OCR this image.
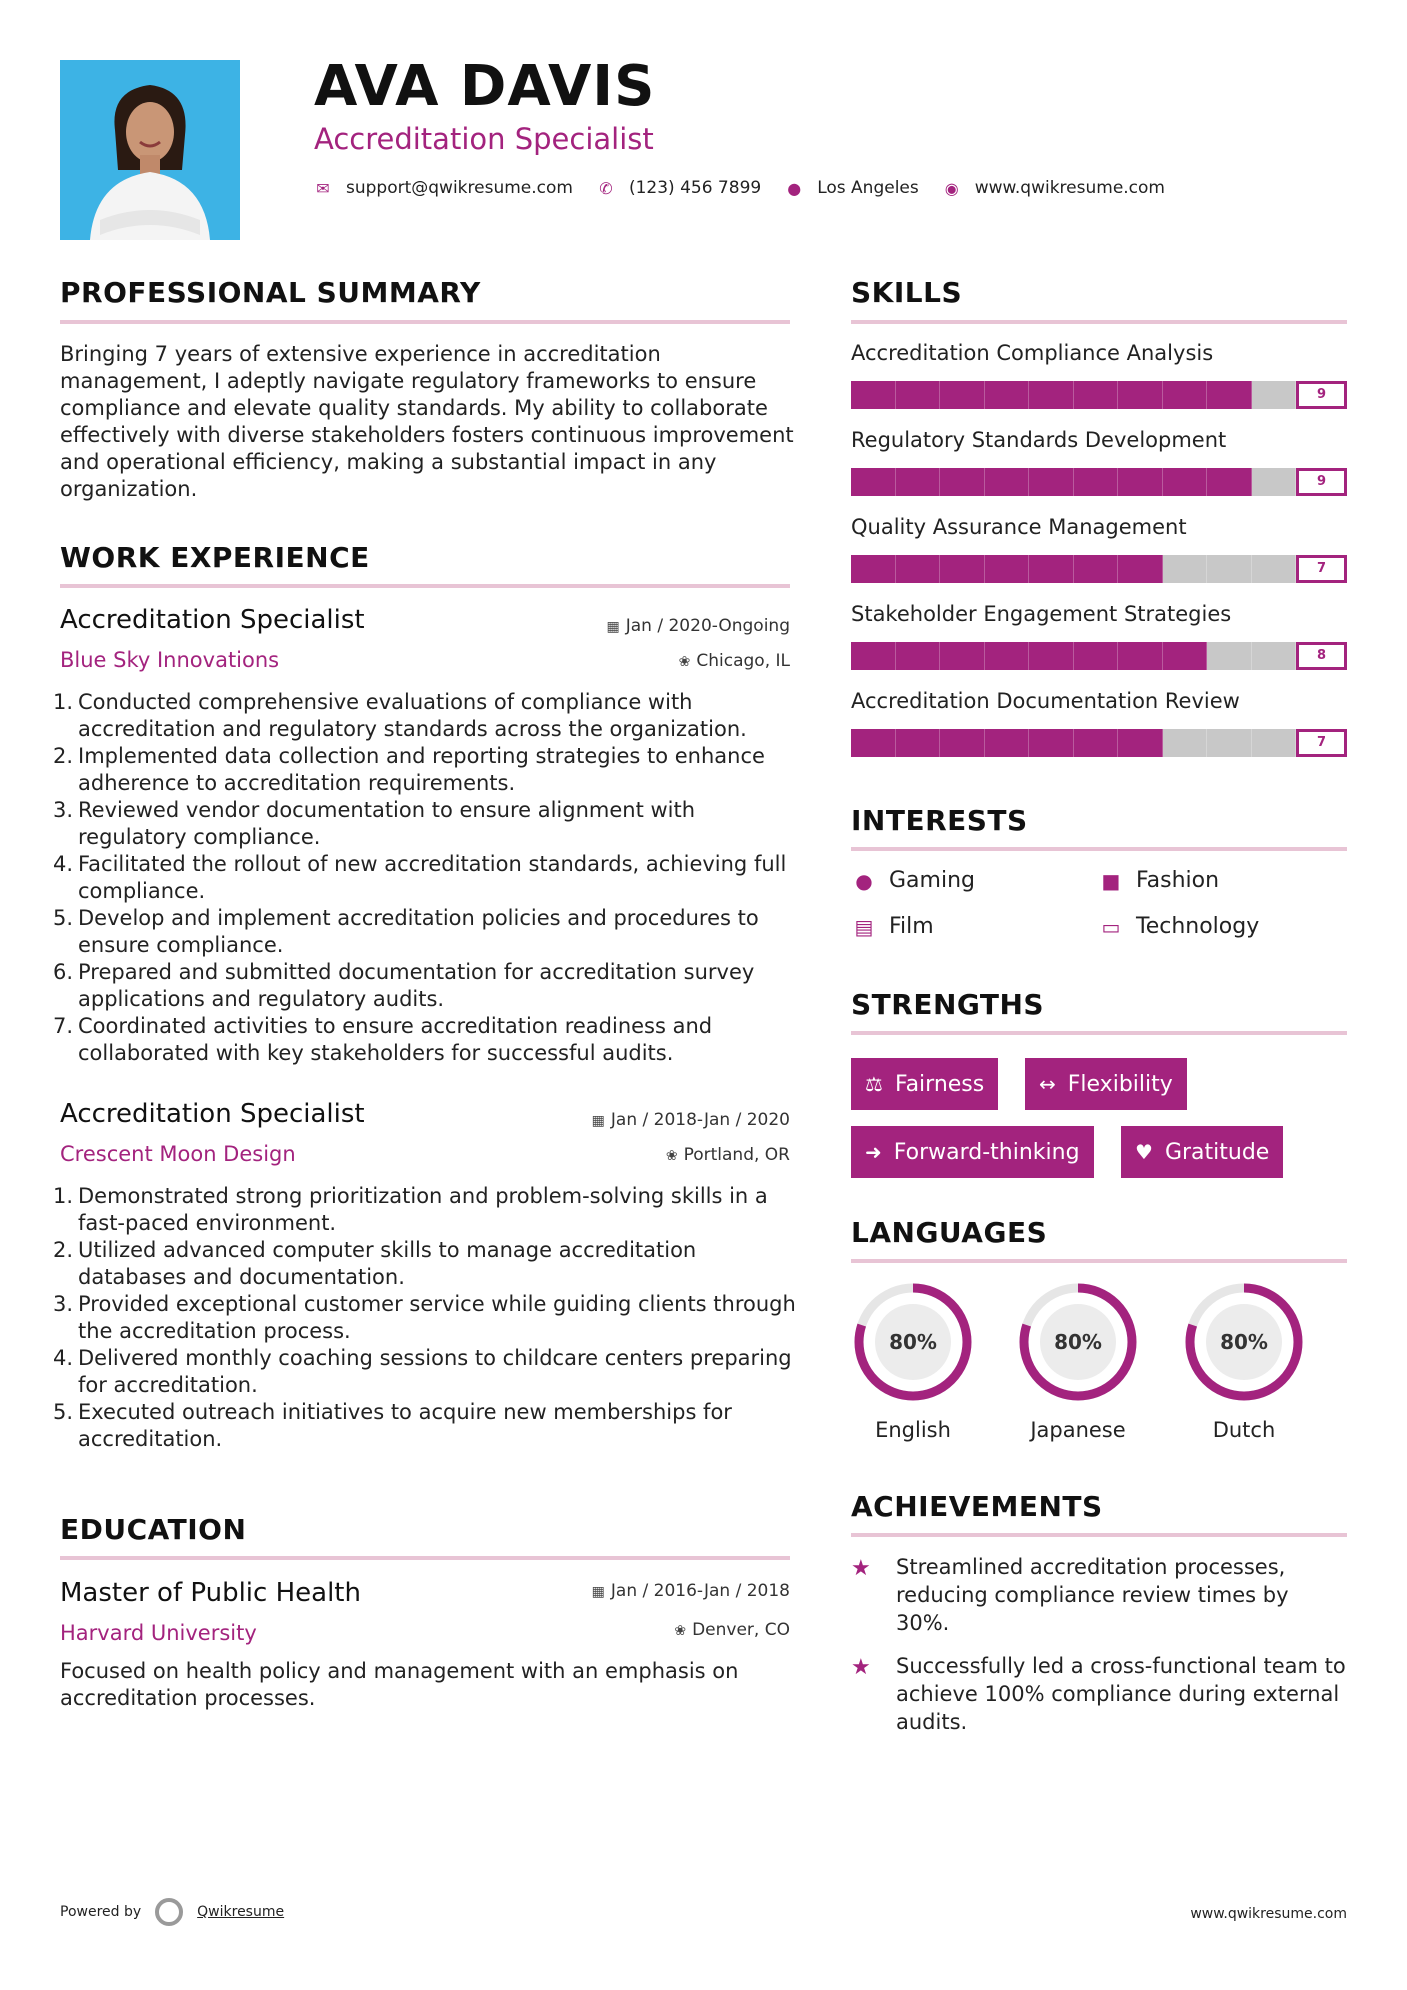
AVA DAVIS
Accreditation Specialist
✉ support@qwikresume.com ✆ (123) 456 7899 ● Los Angeles ◉ www.qwikresume.com
PROFESSIONAL SUMMARY
Bringing 7 years of extensive experience in accreditation management, I adeptly navigate regulatory frameworks to ensure compliance and elevate quality standards. My ability to collaborate effectively with diverse stakeholders fosters continuous improvement and operational efficiency, making a substantial impact in any organization.
WORK EXPERIENCE
Accreditation Specialist	▦ Jan / 2020-Ongoing
Blue Sky Innovations	❀ Chicago, IL
1. Conducted comprehensive evaluations of compliance with accreditation and regulatory standards across the organization.
2. Implemented data collection and reporting strategies to enhance adherence to accreditation requirements.
3. Reviewed vendor documentation to ensure alignment with regulatory compliance.
4. Facilitated the rollout of new accreditation standards, achieving full compliance.
5. Develop and implement accreditation policies and procedures to ensure compliance.
6. Prepared and submitted documentation for accreditation survey applications and regulatory audits.
7. Coordinated activities to ensure accreditation readiness and collaborated with key stakeholders for successful audits.
Accreditation Specialist	▦ Jan / 2018-Jan / 2020
Crescent Moon Design	❀ Portland, OR
1. Demonstrated strong prioritization and problem-solving skills in a fast-paced environment.
2. Utilized advanced computer skills to manage accreditation databases and documentation.
3. Provided exceptional customer service while guiding clients through the accreditation process.
4. Delivered monthly coaching sessions to childcare centers preparing for accreditation.
5. Executed outreach initiatives to acquire new memberships for accreditation.
EDUCATION
Master of Public Health	▦ Jan / 2016-Jan / 2018
Harvard University	❀ Denver, CO
Focused on health policy and management with an emphasis on accreditation processes.
SKILLS
Accreditation Compliance Analysis
9
Regulatory Standards Development
9
Quality Assurance Management
7
Stakeholder Engagement Strategies
8
Accreditation Documentation Review
7
INTERESTS
● Gaming	■ Fashion
▤ Film	▭ Technology
STRENGTHS
⚖ Fairness	↔ Flexibility
➜ Forward-thinking	♥ Gratitude
LANGUAGES
80%
English
80%
Japanese
80%
Dutch
ACHIEVEMENTS
★ Streamlined accreditation processes, reducing compliance review times by 30%.
★ Successfully led a cross-functional team to achieve 100% compliance during external audits.
Powered by	Qwikresume	www.qwikresume.com
